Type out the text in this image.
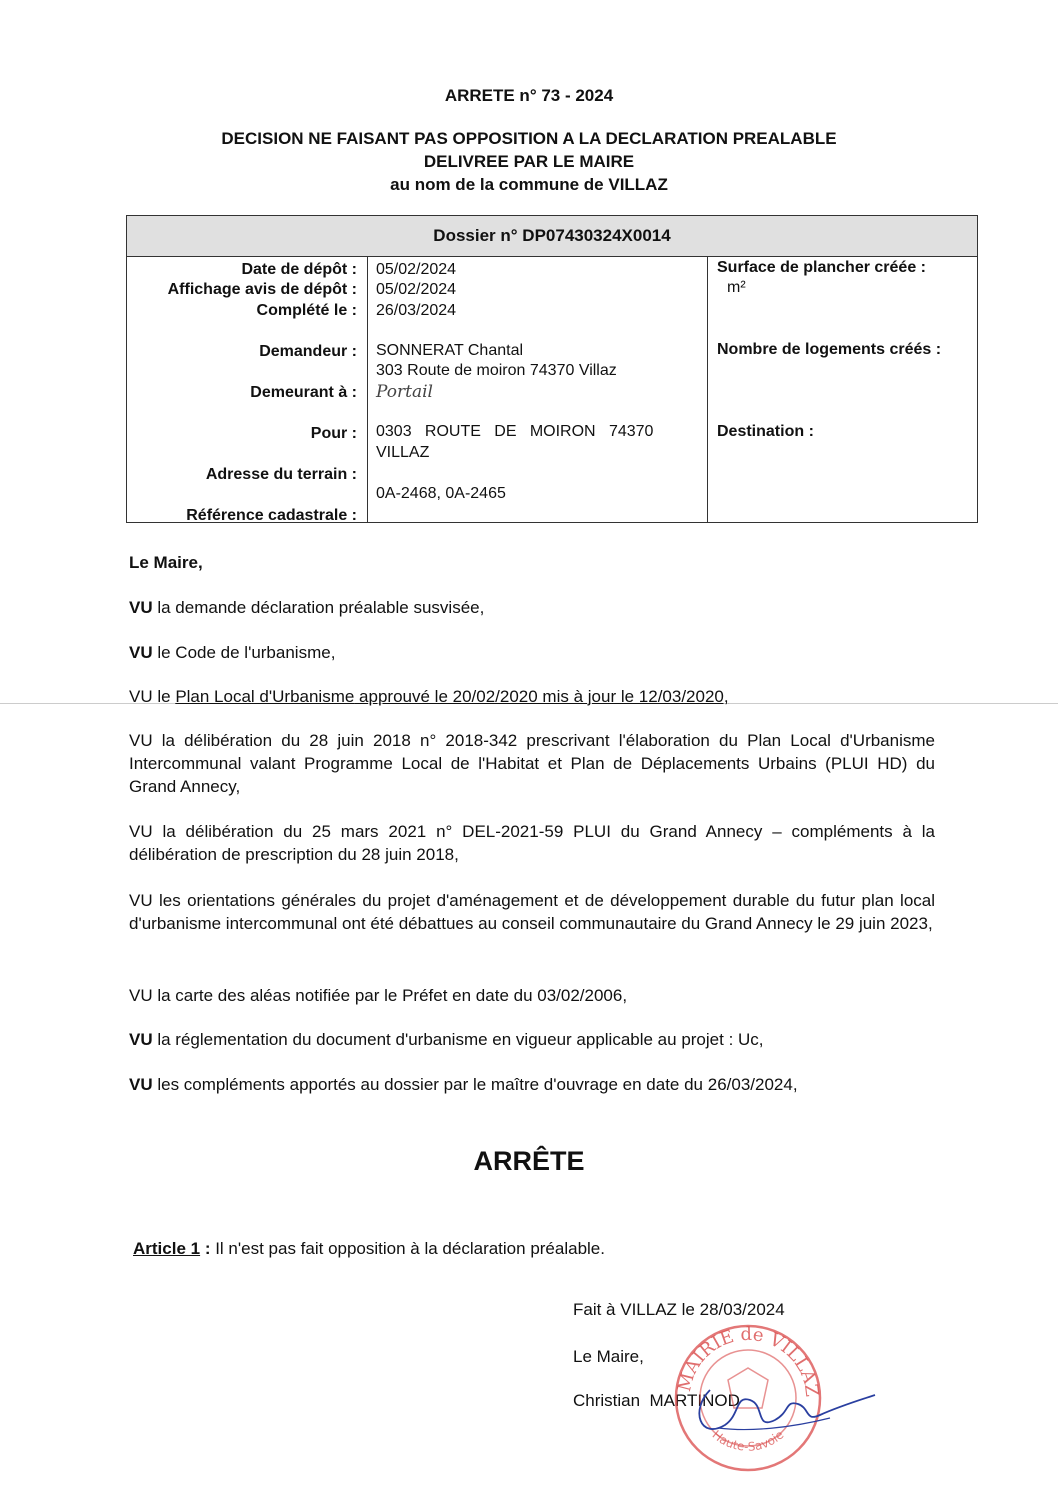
ARRETE n° 73 - 2024
DECISION NE FAISANT PAS OPPOSITION A LA DECLARATION PREALABLE
DELIVREE PAR LE MAIRE
au nom de la commune de VILLAZ
Dossier n° DP07430324X0014
Date de dépôt :
Affichage avis de dépôt :
Complété le :
Demandeur :
Demeurant à :
Pour :
Adresse du terrain :
Référence cadastrale :
05/02/2024
05/02/2024
26/03/2024
SONNERAT Chantal
303 Route de moiron 74370 Villaz
Portail
0303   ROUTE   DE   MOIRON   74370
VILLAZ
0A-2468, 0A-2465
Surface de plancher créée :
m²
Nombre de logements créés :
Destination :
Le Maire,
VU la demande déclaration préalable susvisée,
VU le Code de l'urbanisme,
VU le Plan Local d'Urbanisme approuvé le 20/02/2020 mis à jour le 12/03/2020,
VU la délibération du 28 juin 2018 n° 2018-342 prescrivant l'élaboration du Plan Local d'Urbanisme Intercommunal valant Programme Local de l'Habitat et Plan de Déplacements Urbains (PLUI HD) du Grand Annecy,
VU la délibération du 25 mars 2021 n° DEL-2021-59 PLUI du Grand Annecy – compléments à la délibération de prescription du 28 juin 2018,
VU les orientations générales du projet d'aménagement et de développement durable du futur plan local d'urbanisme intercommunal ont été débattues au conseil communautaire du Grand Annecy le 29 juin 2023,
VU la carte des aléas notifiée par le Préfet en date du 03/02/2006,
VU la réglementation du document d'urbanisme en vigueur applicable au projet : Uc,
VU les compléments apportés au dossier par le maître d'ouvrage en date du 26/03/2024,
ARRÊTE
Article 1 : Il n'est pas fait opposition à la déclaration préalable.
Fait à VILLAZ le 28/03/2024
Le Maire,
Christian  MARTINOD
MAIRIE de VILLAZ
Haute-Savoie
